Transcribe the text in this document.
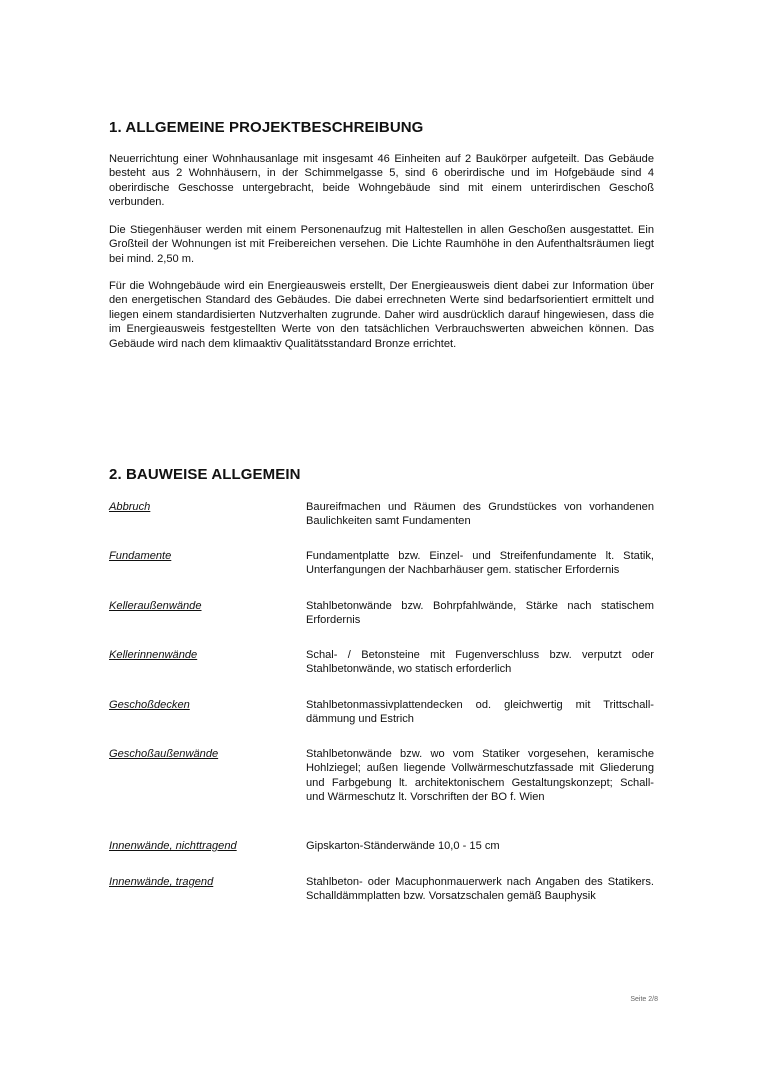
1. ALLGEMEINE PROJEKTBESCHREIBUNG

Neuerrichtung einer Wohnhausanlage mit insgesamt 46 Einheiten auf 2 Baukörper aufgeteilt. Das Gebäude besteht aus 2 Wohnhäusern, in der Schimmelgasse 5, sind 6 oberirdische und im Hofgebäude sind 4 oberirdische Geschosse untergebracht, beide Wohngebäude sind mit einem unterirdischen Geschoß verbunden.

Die Stiegenhäuser werden mit einem Personenaufzug mit Haltestellen in allen Geschoßen ausgestattet. Ein Großteil der Wohnungen ist mit Freibereichen versehen. Die Lichte Raumhöhe in den Aufenthaltsräumen liegt bei mind. 2,50 m.

Für die Wohngebäude wird ein Energieausweis erstellt, Der Energieausweis dient dabei zur Information über den energetischen Standard des Gebäudes. Die dabei errechneten Werte sind bedarfsorientiert ermittelt und liegen einem standardisierten Nutzverhalten zugrunde. Daher wird ausdrücklich darauf hingewiesen, dass die im Energieausweis festgestellten Werte von den tatsächlichen Verbrauchswerten abweichen können. Das Gebäude wird nach dem klimaaktiv Qualitätsstandard Bronze errichtet.

2. BAUWEISE ALLGEMEIN
Abbruch	Baureifmachen und Räumen des Grundstückes von vorhandenen Baulichkeiten samt Fundamenten
Fundamente	Fundamentplatte bzw. Einzel- und Streifenfundamente lt. Statik, Unterfangungen der Nachbarhäuser gem. statischer Erfordernis
Kelleraußenwände	Stahlbetonwände bzw. Bohrpfahlwände, Stärke nach statischem Erfordernis
Kellerinnenwände	Schal- / Betonsteine mit Fugenverschluss bzw. verputzt oder Stahlbetonwände, wo statisch erforderlich
Geschoßdecken	Stahlbetonmassivplattendecken od. gleichwertig mit Trittschall-dämmung und Estrich
Geschoßaußenwände	Stahlbetonwände bzw. wo vom Statiker vorgesehen, keramische Hohlziegel; außen liegende Vollwärmeschutzfassade mit Gliederung und Farbgebung lt. architektonischem Gestaltungskonzept; Schall- und Wärmeschutz lt. Vorschriften der BO f. Wien
Innenwände, nichttragend	Gipskarton-Ständerwände 10,0 - 15 cm
Innenwände, tragend	Stahlbeton- oder Macuphonmauerwerk nach Angaben des Statikers. Schalldämmplatten bzw. Vorsatzschalen gemäß Bauphysik
Seite 2/8
